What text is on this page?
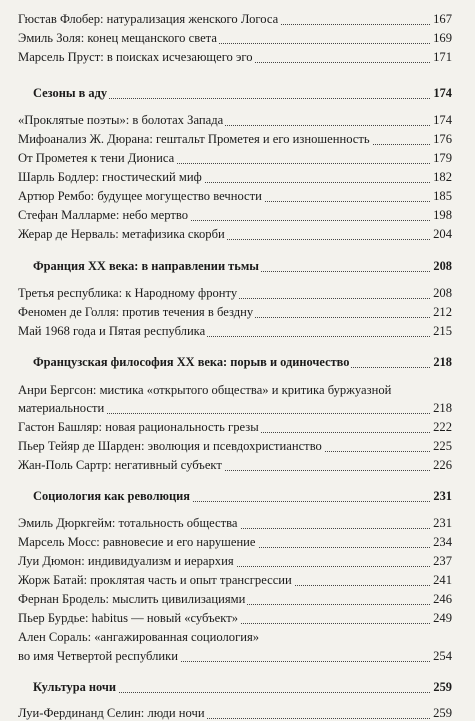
Гюстав Флобер: натурализация женского Логоса	167
Эмиль Золя: конец мещанского света	169
Марсель Пруст: в поисках исчезающего эго	171
Сезоны в аду	174
«Проклятые поэты»: в болотах Запада	174
Мифоанализ Ж. Дюрана: гештальт Прометея и его изношенность	176
От Прометея к тени Диониса	179
Шарль Бодлер: гностический миф	182
Артюр Рембо: будущее могущество вечности	185
Стефан Малларме: небо мертво	198
Жерар де Нерваль: метафизика скорби	204
Франция XX века: в направлении тьмы	208
Третья республика: к Народному фронту	208
Феномен де Голля: против течения в бездну	212
Май 1968 года и Пятая республика	215
Французская философия XX века: порыв и одиночество	218
Анри Бергсон: мистика «открытого общества» и критика буржуазной
материальности	218
Гастон Башляр: новая рациональность грезы	222
Пьер Тейяр де Шарден: эволюция и псевдохристианство	225
Жан-Поль Сартр: негативный субъект	226
Социология как революция	231
Эмиль Дюркгейм: тотальность общества	231
Марсель Мосс: равновесие и его нарушение	234
Луи Дюмон: индивидуализм и иерархия	237
Жорж Батай: проклятая часть и опыт трансгрессии	241
Фернан Бродель: мыслить цивилизациями	246
Пьер Бурдье: habitus — новый «субъект»	249
Ален Сораль: «ангажированная социология»
во имя Четвертой республики	254
Культура ночи	259
Луи-Фердинанд Селин: люди ночи	259
